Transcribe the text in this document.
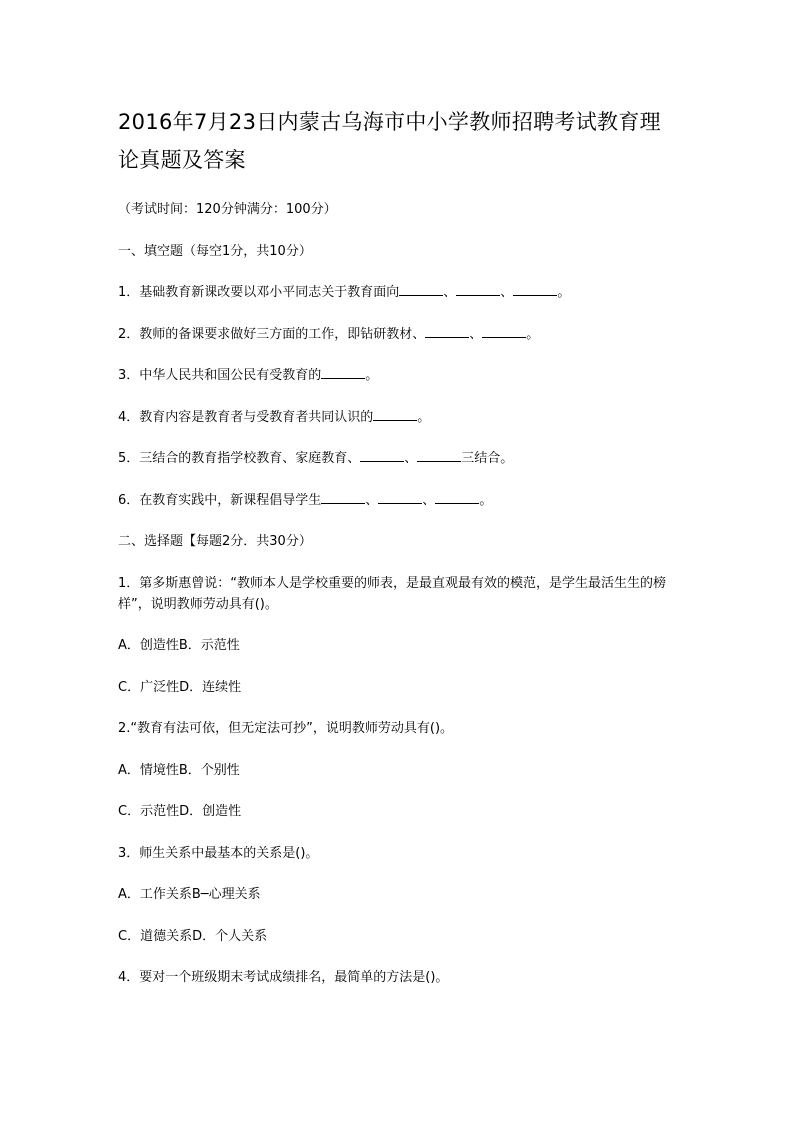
2016年7月23日内蒙古乌海市中小学教师招聘考试教育理论真题及答案

（考试时间：120分钟满分：100分）

一、填空题（每空1分，共10分）

1．基础教育新课改要以邓小平同志关于教育面向	、	、	。

2．教师的备课要求做好三方面的工作，即钻研教材、	、	。

3．中华人民共和国公民有受教育的	。

4．教育内容是教育者与受教育者共同认识的	。

5．三结合的教育指学校教育、家庭教育、	、	三结合。

6．在教育实践中，新课程倡导学生	、	、	。

二、选择题【每题2分．共30分）

1．第多斯惠曾说：“教师本人是学校重要的师表，是最直观最有效的模范，是学生最活生生的榜样”，说明教师劳动具有()。

A．创造性B．示范性

C．广泛性D．连续性

2.“教育有法可依，但无定法可抄”，说明教师劳动具有()。

A．情境性B．个别性

C．示范性D．创造性

3．师生关系中最基本的关系是()。

A．工作关系B─心理关系

C．道德关系D．个人关系

4．要对一个班级期末考试成绩排名，最简单的方法是()。
